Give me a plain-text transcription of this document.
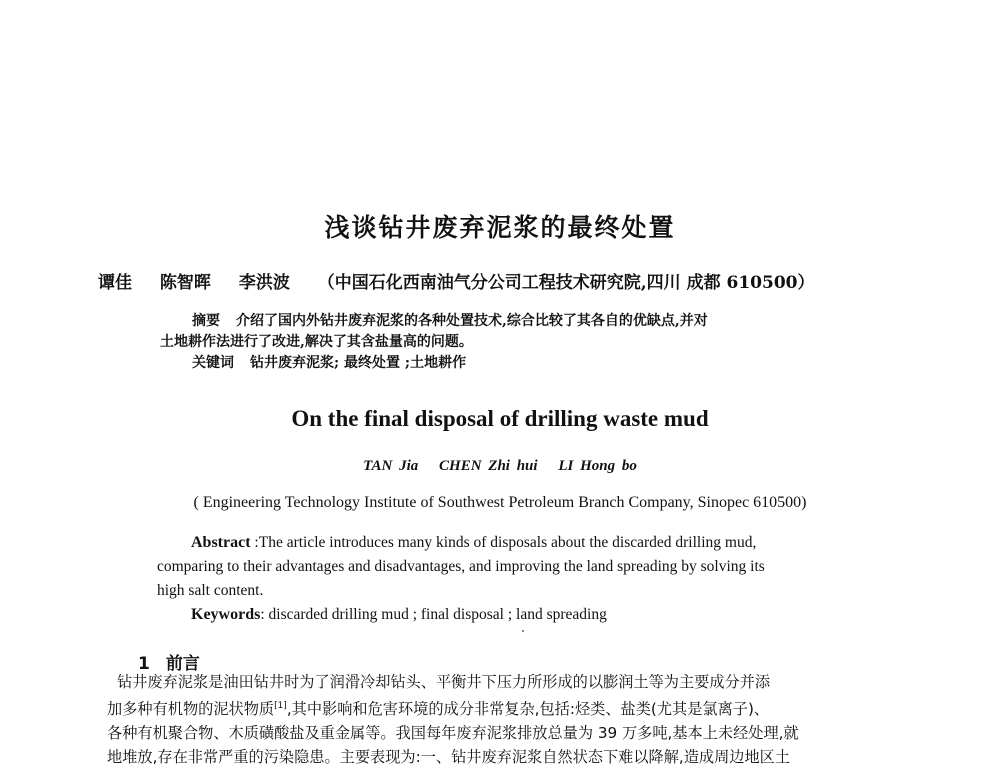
浅谈钻井废弃泥浆的最终处置
谭佳 陈智晖 李洪波 （中国石化西南油气分公司工程技术研究院,四川 成都 610500）
摘要 介绍了国内外钻井废弃泥浆的各种处置技术,综合比较了其各自的优缺点,并对
土地耕作法进行了改进,解决了其含盐量高的问题。
关键词 钻井废弃泥浆; 最终处置 ;土地耕作
On the final disposal of drilling waste mud
TAN Jia CHEN Zhi hui LI Hong bo
( Engineering Technology Institute of Southwest Petroleum Branch Company, Sinopec 610500)
Abstract :The article introduces many kinds of disposals about the discarded drilling mud,
comparing to their advantages and disadvantages, and improving the land spreading by solving its
high salt content.
Keywords: discarded drilling mud ; final disposal ; land spreading
1 前言
钻井废弃泥浆是油田钻井时为了润滑冷却钻头、平衡井下压力所形成的以膨润土等为主要成分并添
加多种有机物的泥状物质[1],其中影响和危害环境的成分非常复杂,包括:烃类、盐类(尤其是氯离子)、
各种有机聚合物、木质磺酸盐及重金属等。我国每年废弃泥浆排放总量为 39 万多吨,基本上未经处理,就
地堆放,存在非常严重的污染隐患。主要表现为:一、钻井废弃泥浆自然状态下难以降解,造成周边地区土
